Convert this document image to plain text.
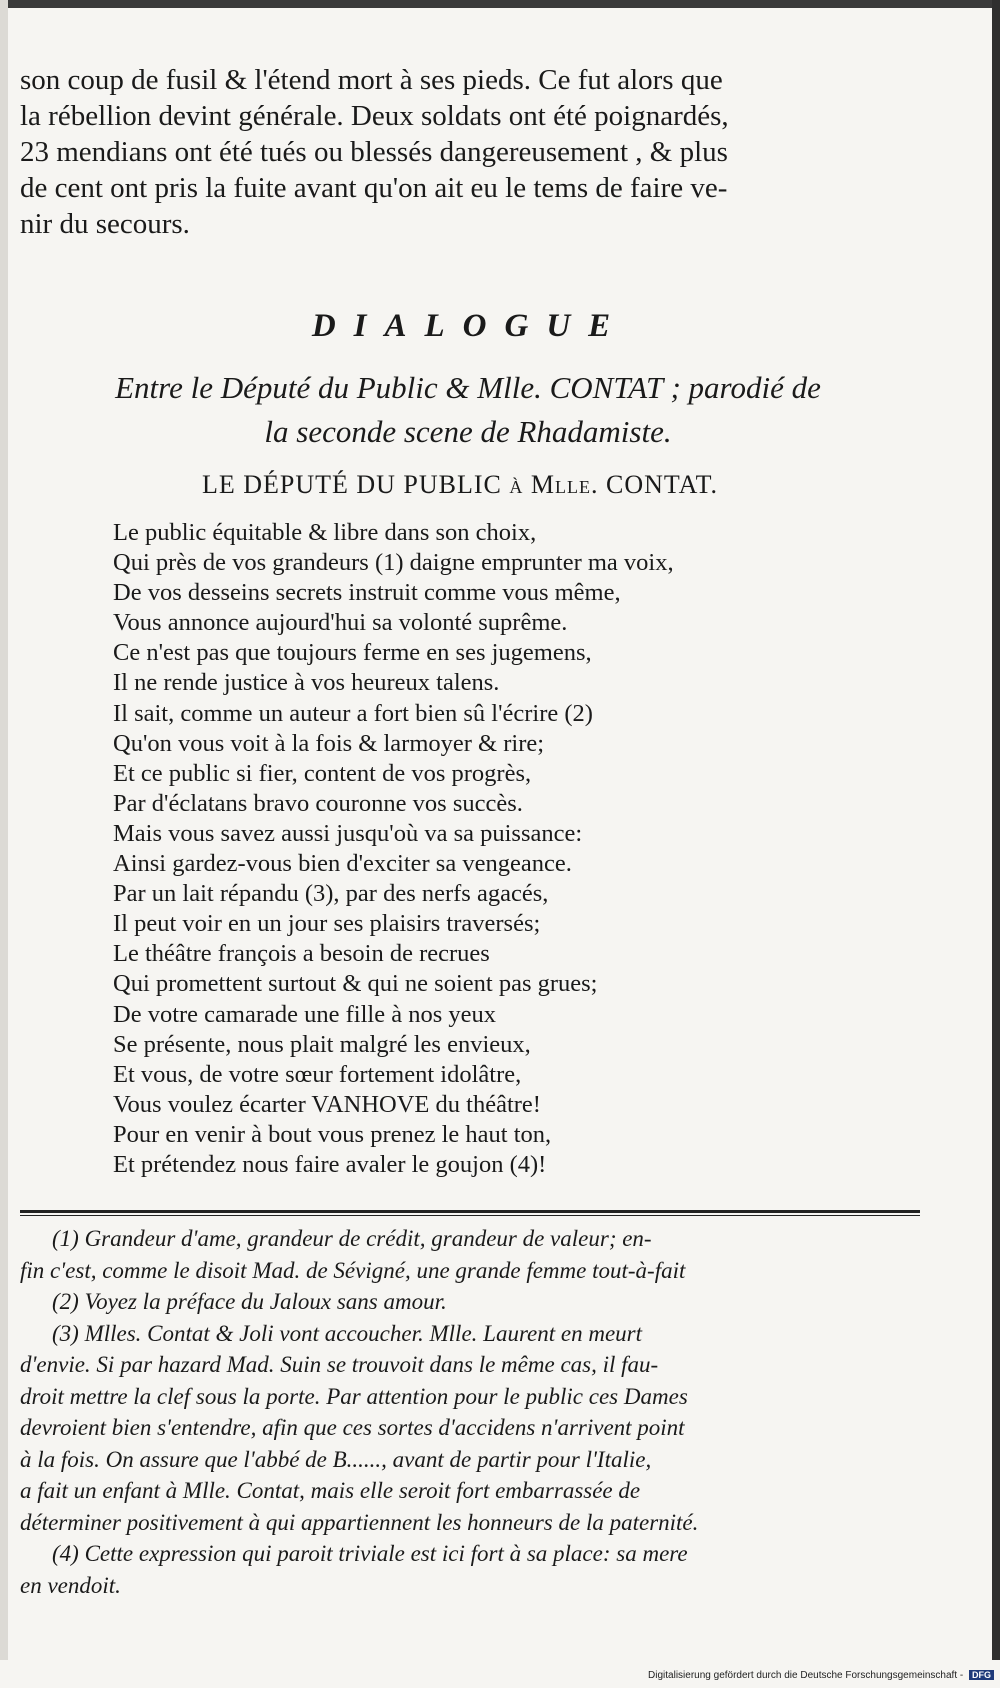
son coup de fusil & l'étend mort à ses pieds. Ce fut alors que
la rébellion devint générale. Deux soldats ont été poignardés,
23 mendians ont été tués ou blessés dangereusement , & plus
de cent ont pris la fuite avant qu'on ait eu le tems de faire ve-
nir du secours.
DIALOGUE
Entre le Député du Public & Mlle. CONTAT ; parodié de
la seconde scene de Rhadamiste.
LE DÉPUTÉ DU PUBLIC à Mlle. CONTAT.
Le public équitable & libre dans son choix,
Qui près de vos grandeurs (1) daigne emprunter ma voix,
De vos desseins secrets instruit comme vous même,
Vous annonce aujourd'hui sa volonté suprême.
Ce n'est pas que toujours ferme en ses jugemens,
Il ne rende justice à vos heureux talens.
Il sait, comme un auteur a fort bien sû l'écrire (2)
Qu'on vous voit à la fois & larmoyer & rire;
Et ce public si fier, content de vos progrès,
Par d'éclatans bravo couronne vos succès.
Mais vous savez aussi jusqu'où va sa puissance:
Ainsi gardez-vous bien d'exciter sa vengeance.
Par un lait répandu (3), par des nerfs agacés,
Il peut voir en un jour ses plaisirs traversés;
Le théâtre françois a besoin de recrues
Qui promettent surtout & qui ne soient pas grues;
De votre camarade une fille à nos yeux
Se présente, nous plait malgré les envieux,
Et vous, de votre sœur fortement idolâtre,
Vous voulez écarter VANHOVE du théâtre!
Pour en venir à bout vous prenez le haut ton,
Et prétendez nous faire avaler le goujon (4)!
(1) Grandeur d'ame, grandeur de crédit, grandeur de valeur; en-
fin c'est, comme le disoit Mad. de Sévigné, une grande femme tout-à-fait
(2) Voyez la préface du Jaloux sans amour.
(3) Mlles. Contat & Joli vont accoucher. Mlle. Laurent en meurt
d'envie. Si par hazard Mad. Suin se trouvoit dans le même cas, il fau-
droit mettre la clef sous la porte. Par attention pour le public ces Dames
devroient bien s'entendre, afin que ces sortes d'accidens n'arrivent point
à la fois. On assure que l'abbé de B......, avant de partir pour l'Italie,
a fait un enfant à Mlle. Contat, mais elle seroit fort embarrassée de
déterminer positivement à qui appartiennent les honneurs de la paternité.
(4) Cette expression qui paroit triviale est ici fort à sa place: sa mere
en vendoit.
Digitalisierung gefördert durch die Deutsche Forschungsgemeinschaft - DFG
